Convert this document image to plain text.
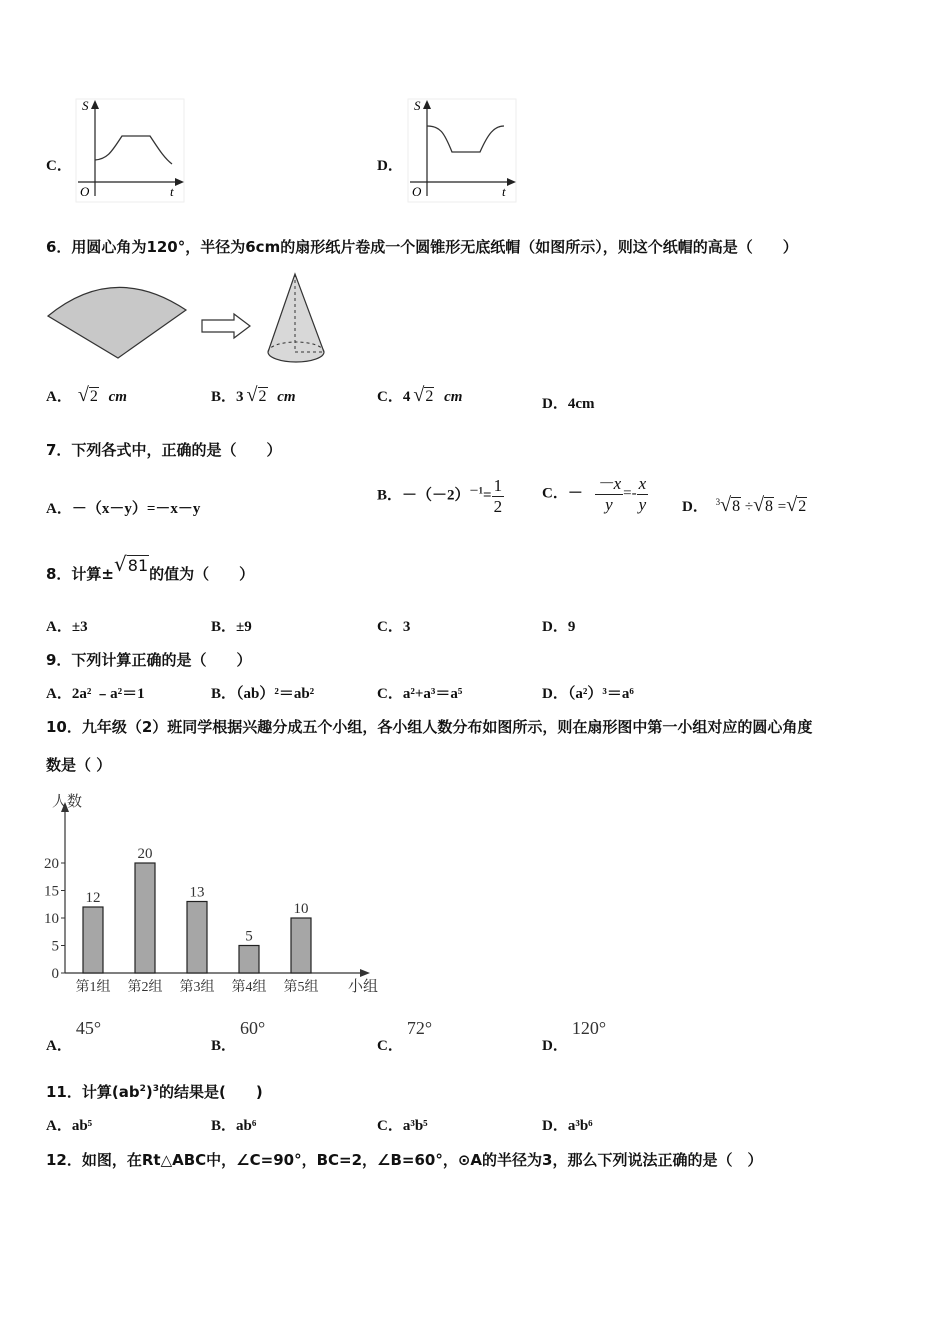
C．
S
O	t
D．
S
O	t
6．用圆心角为120°，半径为6cm的扇形纸片卷成一个圆锥形无底纸帽（如图所示），则这个纸帽的高是（　　）
A． √2 cm	B．3 √2 cm	C．4 √2 cm	D．4cm
7．下列各式中，正确的是（　　）
A．－（x－y）=－x－y
B．$-(-2)^{-1}= \frac{1}{2}$	C．－ $\frac{-x}{y} =- \frac{x}{y}$ D． $^3$√8 ÷√8 =√2
8．计算±√81的值为（　　）
A．±3	B．±9	C．3	D．9
9．下列计算正确的是（　　）
A．2a² ﹣a²＝1	B．（ab）²＝ab²	C．a²+a³＝a⁵	D．（a²）³＝a⁶
10．九年级（2）班同学根据兴趣分成五个小组，各小组人数分布如图所示，则在扇形图中第一小组对应的圆心角度
数是（ ）
人数
小组
0
5
10
15
20
12
第1组
20
第2组
13
第3组
5
第4组
10
第5组
A．45°
B．60°
C．72°
D．120°
11．计算$(ab^2)^3$的结果是(　　)
A．ab⁵	B．ab⁶	C．a³b⁵	D．a³b⁶
12．如图，在Rt△ABC中，∠C=90°，BC=2，∠B=60°，⊙A的半径为3，那么下列说法正确的是（　）
